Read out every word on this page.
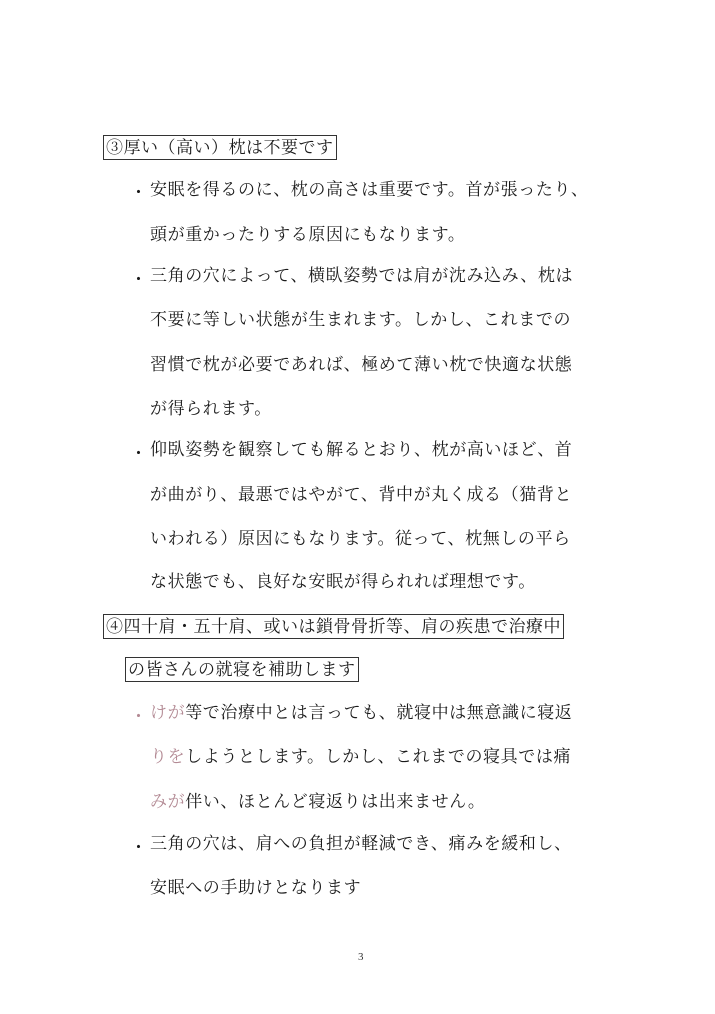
③厚い（高い）枕は不要です
・ 安眠を得るのに、枕の高さは重要です。首が張ったり、
頭が重かったりする原因にもなります。
・ 三角の穴によって、横臥姿勢では肩が沈み込み、枕は
不要に等しい状態が生まれます。しかし、これまでの
習慣で枕が必要であれば、極めて薄い枕で快適な状態
が得られます。
・ 仰臥姿勢を観察しても解るとおり、枕が高いほど、首
が曲がり、最悪ではやがて、背中が丸く成る（猫背と
いわれる）原因にもなります。従って、枕無しの平ら
な状態でも、良好な安眠が得られれば理想です。
④四十肩・五十肩、或いは鎖骨骨折等、肩の疾患で治療中
の皆さんの就寝を補助します
・ けが等で治療中とは言っても、就寝中は無意識に寝返
りをしようとします。しかし、これまでの寝具では痛
みが伴い、ほとんど寝返りは出来ません。
・ 三角の穴は、肩への負担が軽減でき、痛みを緩和し、
安眠への手助けとなります
3
